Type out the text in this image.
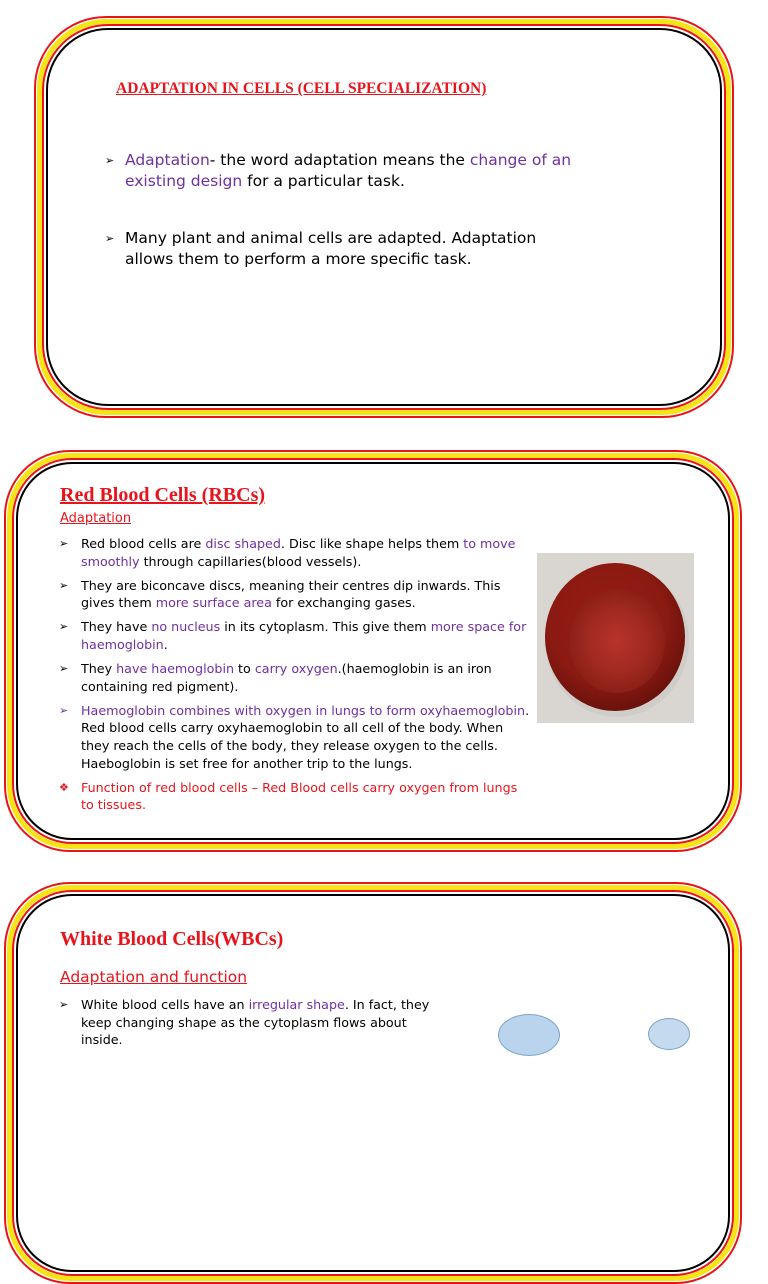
ADAPTATION IN CELLS (CELL SPECIALIZATION)

➢ Adaptation- the word adaptation means the change of an existing design for a particular task.
➢ Many plant and animal cells are adapted. Adaptation allows them to perform a more specific task.

Red Blood Cells (RBCs)

Adaptation
➢ Red blood cells are disc shaped. Disc like shape helps them to move smoothly through capillaries(blood vessels).
➢ They are biconcave discs, meaning their centres dip inwards. This gives them more surface area for exchanging gases.
➢ They have no nucleus in its cytoplasm. This give them more space for haemoglobin.
➢ They have haemoglobin to carry oxygen.(haemoglobin is an iron containing red pigment).
➢ Haemoglobin combines with oxygen in lungs to form oxyhaemoglobin. Red blood cells carry oxyhaemoglobin to all cell of the body. When they reach the cells of the body, they release oxygen to the cells. Haeboglobin is set free for another trip to the lungs.
❖ Function of red blood cells – Red Blood cells carry oxygen from lungs to tissues.

White Blood Cells(WBCs)

Adaptation and function
➢ White blood cells have an irregular shape. In fact, they keep changing shape as the cytoplasm flows about inside.
